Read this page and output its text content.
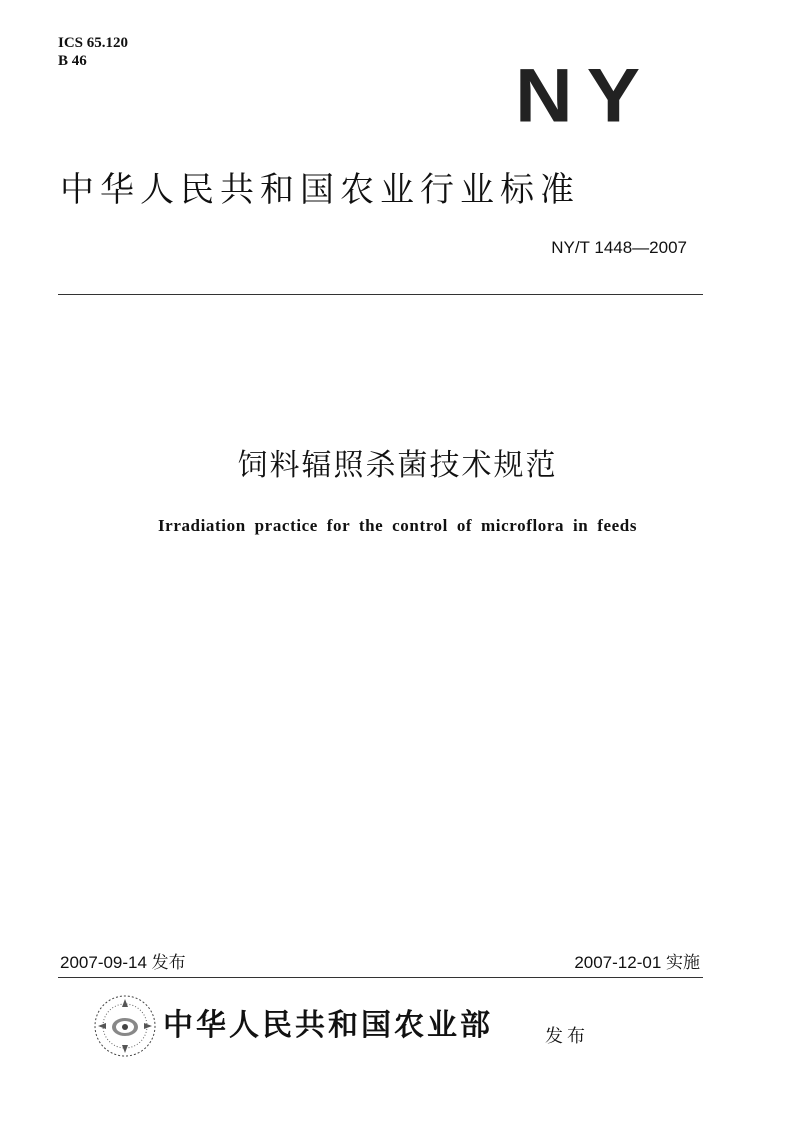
ICS 65.120
B 46	NY
中华人民共和国农业行业标准
NY/T 1448—2007
饲料辐照杀菌技术规范
Irradiation practice for the control of microflora in feeds
2007-09-14 发布	2007-12-01 实施
中华人民共和国农业部	发布
